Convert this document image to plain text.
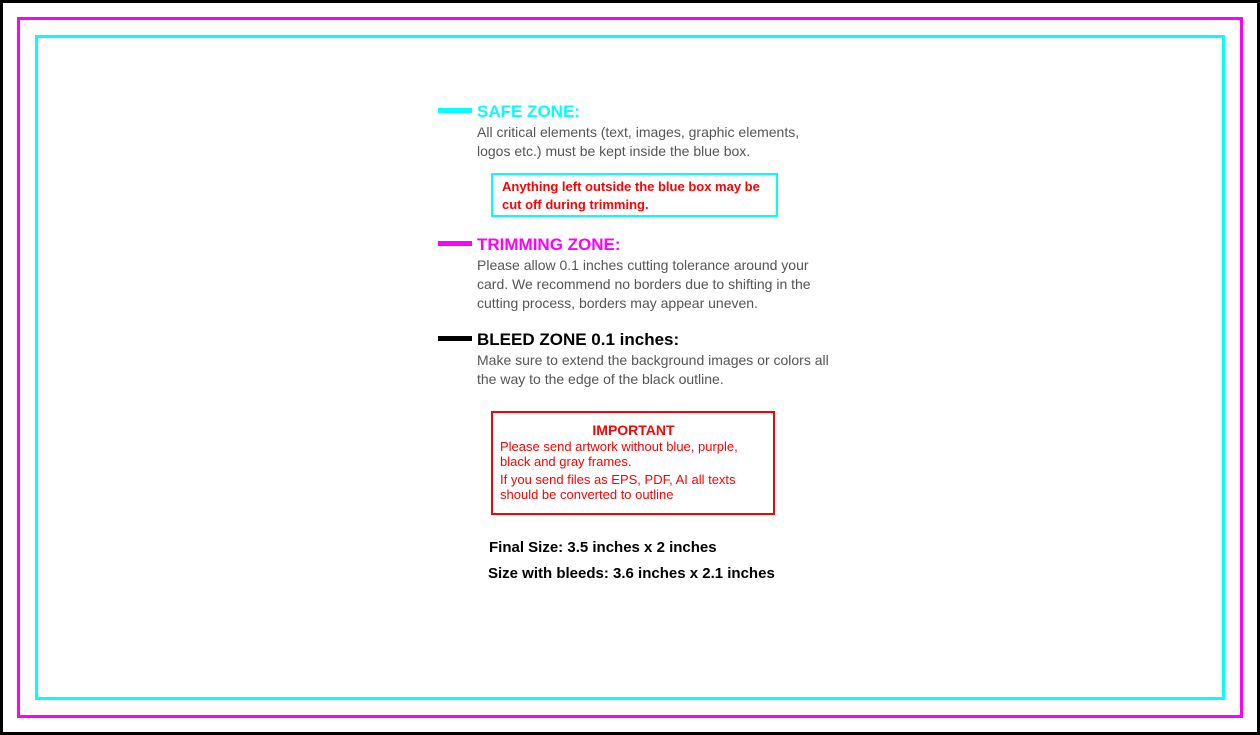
SAFE ZONE:
All critical elements (text, images, graphic elements, logos etc.) must be kept inside the blue box.
Anything left outside the blue box may be cut off during trimming.
TRIMMING ZONE:
Please allow 0.1 inches cutting tolerance around your card. We recommend no borders due to shifting in the cutting process, borders may appear uneven.
BLEED ZONE 0.1 inches:
Make sure to extend the background images or colors all the way to the edge of the black outline.
IMPORTANT
Please send artwork without blue, purple, black and gray frames.
If you send files as EPS, PDF, AI all texts should be converted to outline
Final Size: 3.5 inches x 2 inches
Size with bleeds: 3.6 inches x 2.1 inches
